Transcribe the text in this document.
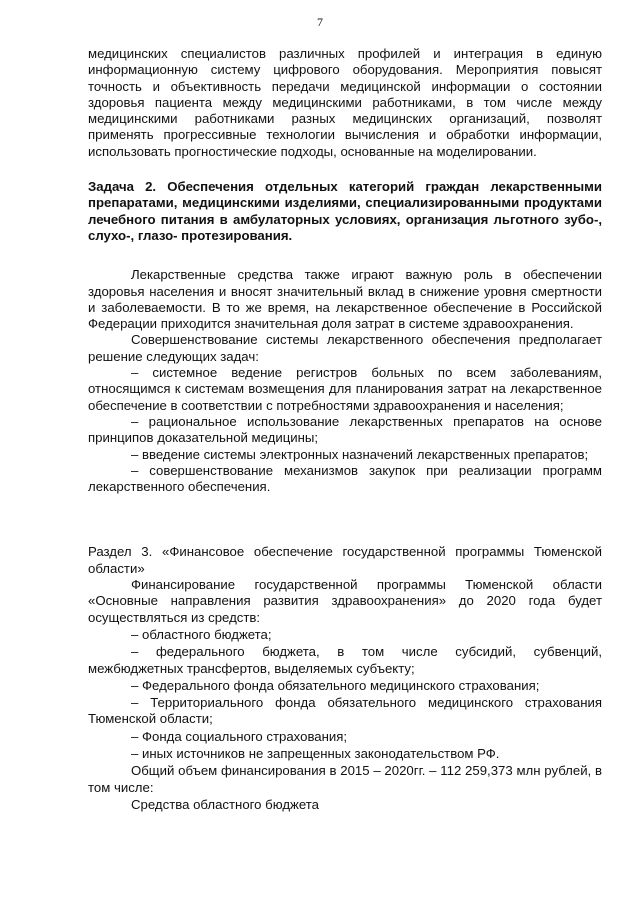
7

медицинских специалистов различных профилей и интеграция в единую информационную систему цифрового оборудования. Мероприятия повысят точность и объективность передачи медицинской информации о состоянии здоровья пациента между медицинскими работниками, в том числе между медицинскими работниками разных медицинских организаций, позволят применять прогрессивные технологии вычисления и обработки информации, использовать прогностические подходы, основанные на моделировании.

Задача 2. Обеспечения отдельных категорий граждан лекарственными препаратами, медицинскими изделиями, специализированными продуктами лечебного питания в амбулаторных условиях, организация льготного зубо-, слухо-, глазо- протезирования.

Лекарственные средства также играют важную роль в обеспечении здоровья населения и вносят значительный вклад в снижение уровня смертности и заболеваемости. В то же время, на лекарственное обеспечение в Российской Федерации приходится значительная доля затрат в системе здравоохранения.

Совершенствование системы лекарственного обеспечения предполагает решение следующих задач:

– системное ведение регистров больных по всем заболеваниям, относящимся к системам возмещения для планирования затрат на лекарственное обеспечение в соответствии с потребностями здравоохранения и населения;

– рациональное использование лекарственных препаратов на основе принципов доказательной медицины;

– введение системы электронных назначений лекарственных препаратов;

– совершенствование механизмов закупок при реализации программ лекарственного обеспечения.

Раздел 3. «Финансовое обеспечение государственной программы Тюменской области»

Финансирование государственной программы Тюменской области «Основные направления развития здравоохранения» до 2020 года будет осуществляться из средств:

– областного бюджета;

– федерального бюджета, в том числе субсидий, субвенций, межбюджетных трансфертов, выделяемых субъекту;

– Федерального фонда обязательного медицинского страхования;

– Территориального фонда обязательного медицинского страхования Тюменской области;

– Фонда социального страхования;

– иных источников не запрещенных законодательством РФ.

Общий объем финансирования в 2015 – 2020гг. – 112 259,373 млн рублей, в том числе:

Средства областного бюджета
